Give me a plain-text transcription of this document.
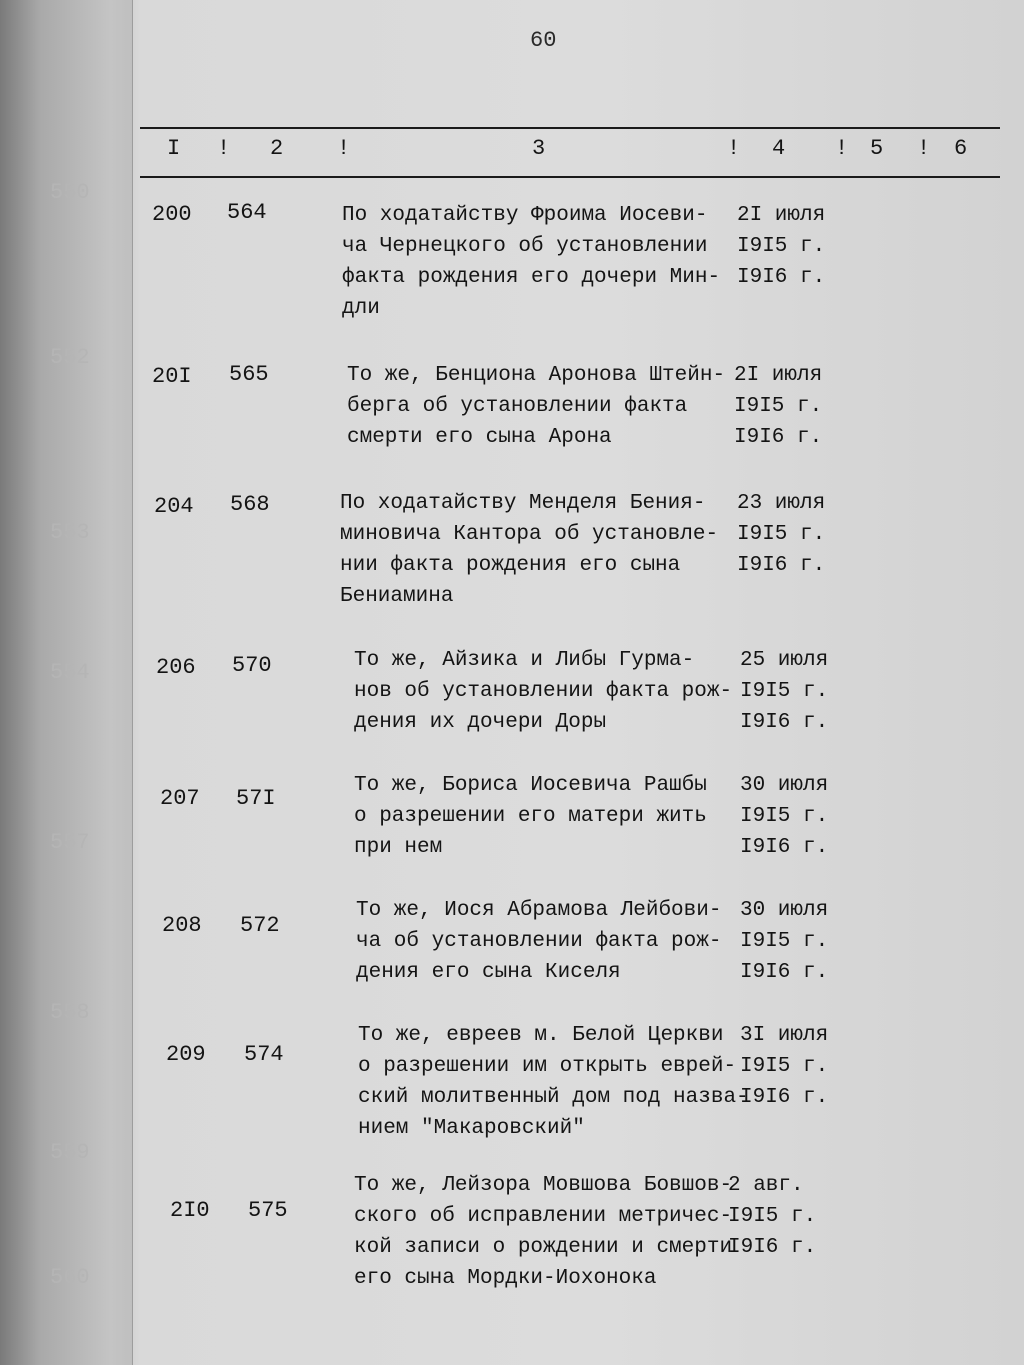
550
552
553
554
557
558
559
560
60
I ! 2 !	3	! 4 ! 5 ! 6
200 564	По ходатайству Фроима Иосеви-
ча Чернецкого об установлении
факта рождения его дочери Мин-
дли
2I июля
I9I5 г.
I9I6 г.
20I 565	То же, Бенциона Аронова Штейн-
берга об установлении факта
смерти его сына Арона
2I июля
I9I5 г.
I9I6 г.
204 568	По ходатайству Менделя Бения-
миновича Кантора об установле-
нии факта рождения его сына
Бениамина
23 июля
I9I5 г.
I9I6 г.
206 570	То же, Айзика и Либы Гурма-
нов об установлении факта рож-
дения их дочери Доры
25 июля
I9I5 г.
I9I6 г.
207 57I
То же, Бориса Иосевича Рашбы
о разрешении его матери жить
при нем
30 июля
I9I5 г.
I9I6 г.
208 572
То же, Иося Абрамова Лейбови-
ча об установлении факта рож-
дения его сына Киселя
30 июля
I9I5 г.
I9I6 г.
209 574
То же, евреев м. Белой Церкви
о разрешении им открыть еврей-
ский молитвенный дом под назва-
нием "Макаровский"
3I июля
I9I5 г.
I9I6 г.
2I0 575
То же, Лейзора Мовшова Бовшов-
ского об исправлении метричес-
кой записи о рождении и смерти
его сына Мордки-Иохонока
2 авг.
I9I5 г.
I9I6 г.
